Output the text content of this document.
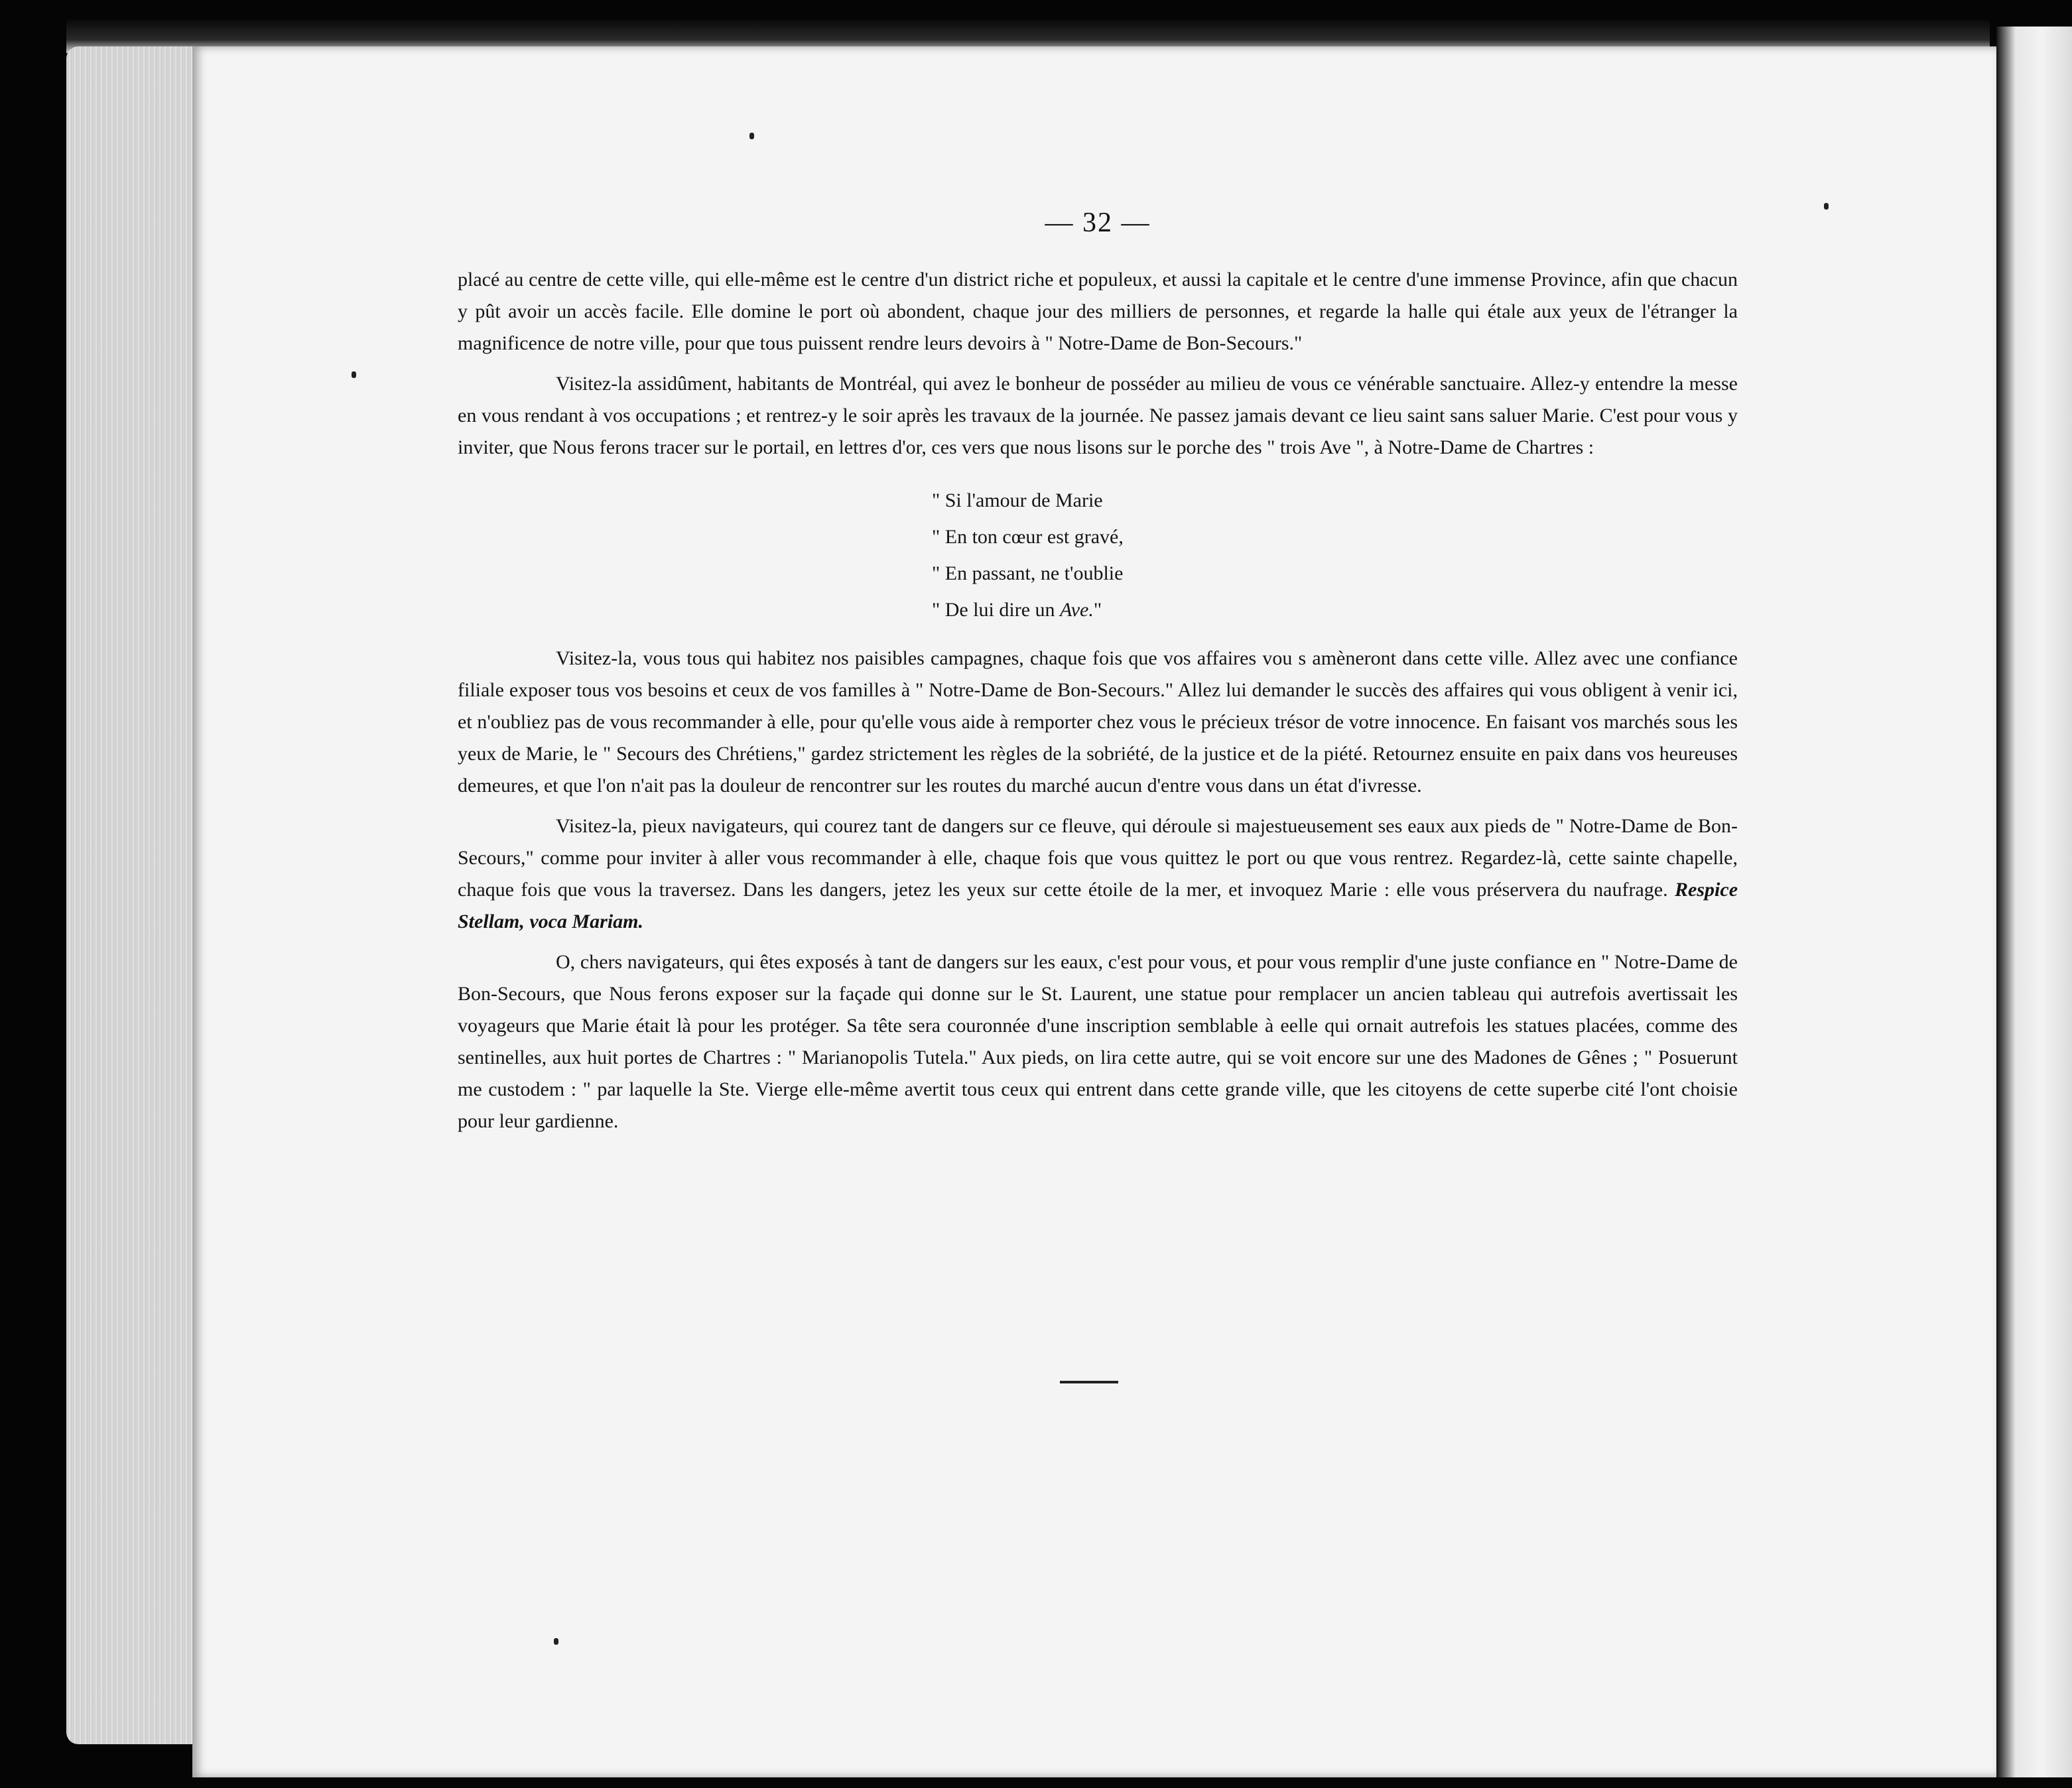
— 32 —

placé au centre de cette ville, qui elle-même est le centre d'un district riche et populeux, et aussi la capitale et le centre d'une immense Province, afin que chacun y pût avoir un accès facile. Elle domine le port où abondent, chaque jour des milliers de personnes, et regarde la halle qui étale aux yeux de l'étranger la magnificence de notre ville, pour que tous puissent rendre leurs devoirs à " Notre-Dame de Bon-Secours."

Visitez-la assidûment, habitants de Montréal, qui avez le bonheur de posséder au milieu de vous ce vénérable sanctuaire. Allez-y entendre la messe en vous rendant à vos occupations ; et rentrez-y le soir après les travaux de la journée. Ne passez jamais devant ce lieu saint sans saluer Marie. C'est pour vous y inviter, que Nous ferons tracer sur le portail, en lettres d'or, ces vers que nous lisons sur le porche des " trois Ave ", à Notre-Dame de Chartres :

" Si l'amour de Marie
" En ton cœur est gravé,
" En passant, ne t'oublie
" De lui dire un Ave."

Visitez-la, vous tous qui habitez nos paisibles campagnes, chaque fois que vos affaires vou s amèneront dans cette ville. Allez avec une confiance filiale exposer tous vos besoins et ceux de vos familles à " Notre-Dame de Bon-Secours." Allez lui demander le succès des affaires qui vous obligent à venir ici, et n'oubliez pas de vous recommander à elle, pour qu'elle vous aide à remporter chez vous le précieux trésor de votre innocence. En faisant vos marchés sous les yeux de Marie, le " Secours des Chrétiens," gardez strictement les règles de la sobriété, de la justice et de la piété. Retournez ensuite en paix dans vos heureuses demeures, et que l'on n'ait pas la douleur de rencontrer sur les routes du marché aucun d'entre vous dans un état d'ivresse.

Visitez-la, pieux navigateurs, qui courez tant de dangers sur ce fleuve, qui déroule si majestueusement ses eaux aux pieds de " Notre-Dame de Bon-Secours," comme pour inviter à aller vous recommander à elle, chaque fois que vous quittez le port ou que vous rentrez. Regardez-là, cette sainte chapelle, chaque fois que vous la traversez. Dans les dangers, jetez les yeux sur cette étoile de la mer, et invoquez Marie : elle vous préservera du naufrage. Respice Stellam, voca Mariam.

O, chers navigateurs, qui êtes exposés à tant de dangers sur les eaux, c'est pour vous, et pour vous remplir d'une juste confiance en " Notre-Dame de Bon-Secours, que Nous ferons exposer sur la façade qui donne sur le St. Laurent, une statue pour remplacer un ancien tableau qui autrefois avertissait les voyageurs que Marie était là pour les protéger. Sa tête sera couronnée d'une inscription semblable à eelle qui ornait autrefois les statues placées, comme des sentinelles, aux huit portes de Chartres : " Marianopolis Tutela." Aux pieds, on lira cette autre, qui se voit encore sur une des Madones de Gênes ; " Posuerunt me custodem : " par laquelle la Ste. Vierge elle-même avertit tous ceux qui entrent dans cette grande ville, que les citoyens de cette superbe cité l'ont choisie pour leur gardienne.
